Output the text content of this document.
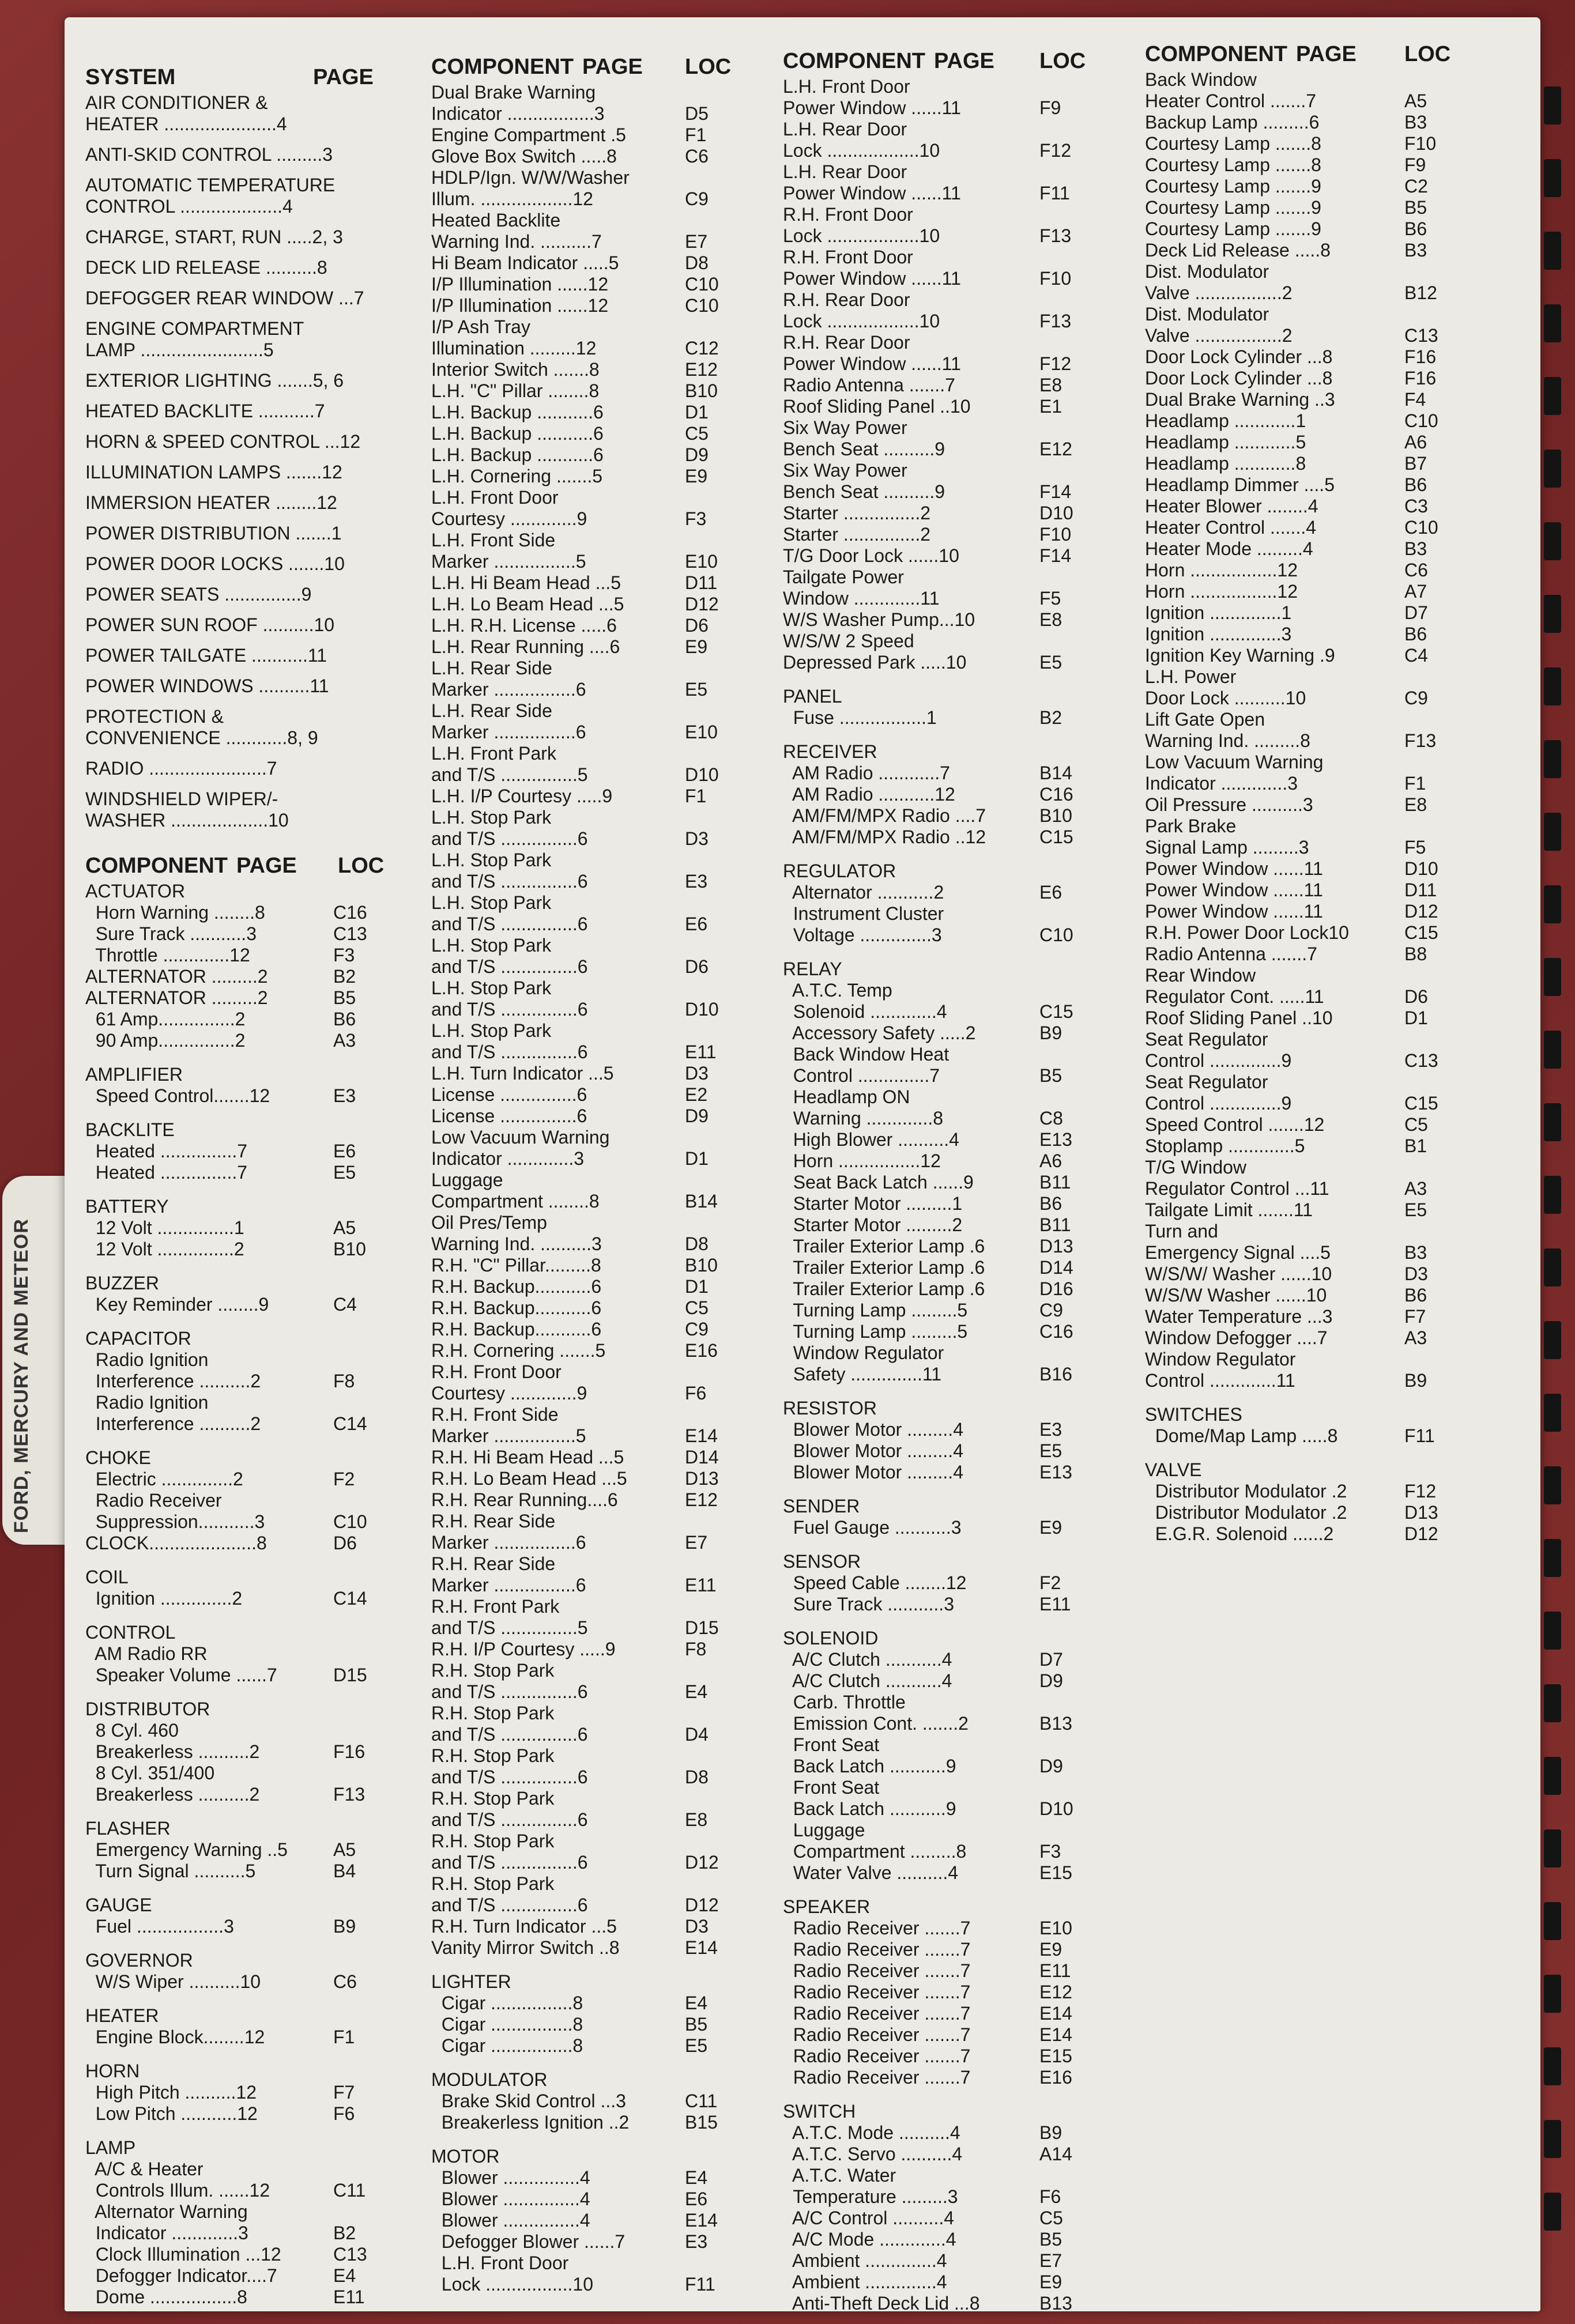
FORD, MERCURY AND METEOR
SYSTEM	PAGE
AIR CONDITIONER &
HEATER ......................4
ANTI-SKID CONTROL .........3
AUTOMATIC TEMPERATURE
CONTROL ....................4
CHARGE, START, RUN .....2, 3
DECK LID RELEASE ..........8
DEFOGGER REAR WINDOW ...7
ENGINE COMPARTMENT
LAMP ........................5
EXTERIOR LIGHTING .......5, 6
HEATED BACKLITE ...........7
HORN & SPEED CONTROL ...12
ILLUMINATION LAMPS .......12
IMMERSION HEATER ........12
POWER DISTRIBUTION .......1
POWER DOOR LOCKS .......10
POWER SEATS ...............9
POWER SUN ROOF ..........10
POWER TAILGATE ...........11
POWER WINDOWS ..........11
PROTECTION &
CONVENIENCE ............8, 9
RADIO .......................7
WINDSHIELD WIPER/-
WASHER ...................10
COMPONENT PAGE LOC
ACTUATOR
Horn Warning ........8	C16
Sure Track ...........3	C13
Throttle .............12	F3
ALTERNATOR .........2	B2
ALTERNATOR .........2	B5
61 Amp...............2	B6
90 Amp...............2	A3
AMPLIFIER
Speed Control.......12	E3
BACKLITE
Heated ...............7	E6
Heated ...............7	E5
BATTERY
12 Volt ...............1	A5
12 Volt ...............2	B10
BUZZER
Key Reminder ........9	C4
CAPACITOR
Radio Ignition
Interference ..........2	F8
Radio Ignition
Interference ..........2	C14
CHOKE
Electric ..............2	F2
Radio Receiver
Suppression...........3	C10
CLOCK.....................8	D6
COIL
Ignition ..............2	C14
CONTROL
AM Radio RR
Speaker Volume ......7	D15
DISTRIBUTOR
8 Cyl. 460
Breakerless ..........2	F16
8 Cyl. 351/400
Breakerless ..........2	F13
FLASHER
Emergency Warning ..5 A5
Turn Signal ..........5	B4
GAUGE
Fuel .................3	B9
GOVERNOR
W/S Wiper ..........10	C6
HEATER
Engine Block........12	F1
HORN
High Pitch ..........12	F7
Low Pitch ...........12	F6
LAMP
A/C & Heater
Controls Illum. ......12	C11
Alternator Warning
Indicator .............3	B2
Clock Illumination ...12	C13
Defogger Indicator....7	E4
Dome .................8	E11
COMPONENT PAGE LOC
Dual Brake Warning
Indicator .................3	D5
Engine Compartment .5	F1
Glove Box Switch .....8	C6
HDLP/Ign. W/W/Washer
Illum. ..................12	C9
Heated Backlite
Warning Ind. ..........7	E7
Hi Beam Indicator .....5	D8
I/P Illumination ......12	C10
I/P Illumination ......12	C10
I/P Ash Tray
Illumination .........12	C12
Interior Switch .......8	E12
L.H. "C" Pillar ........8	B10
L.H. Backup ...........6	D1
L.H. Backup ...........6	C5
L.H. Backup ...........6	D9
L.H. Cornering .......5	E9
L.H. Front Door
Courtesy .............9	F3
L.H. Front Side
Marker ................5	E10
L.H. Hi Beam Head ...5	D11
L.H. Lo Beam Head ...5	D12
L.H. R.H. License .....6	D6
L.H. Rear Running ....6	E9
L.H. Rear Side
Marker ................6	E5
L.H. Rear Side
Marker ................6	E10
L.H. Front Park
and T/S ...............5	D10
L.H. I/P Courtesy .....9	F1
L.H. Stop Park
and T/S ...............6	D3
L.H. Stop Park
and T/S ...............6	E3
L.H. Stop Park
and T/S ...............6	E6
L.H. Stop Park
and T/S ...............6	D6
L.H. Stop Park
and T/S ...............6	D10
L.H. Stop Park
and T/S ...............6	E11
L.H. Turn Indicator ...5	D3
License ...............6	E2
License ...............6	D9
Low Vacuum Warning
Indicator .............3	D1
Luggage
Compartment ........8	B14
Oil Pres/Temp
Warning Ind. ..........3	D8
R.H. "C" Pillar.........8	B10
R.H. Backup...........6	D1
R.H. Backup...........6	C5
R.H. Backup...........6	C9
R.H. Cornering .......5	E16
R.H. Front Door
Courtesy .............9	F6
R.H. Front Side
Marker ................5	E14
R.H. Hi Beam Head ...5	D14
R.H. Lo Beam Head ...5	D13
R.H. Rear Running....6	E12
R.H. Rear Side
Marker ................6	E7
R.H. Rear Side
Marker ................6	E11
R.H. Front Park
and T/S ...............5	D15
R.H. I/P Courtesy .....9	F8
R.H. Stop Park
and T/S ...............6	E4
R.H. Stop Park
and T/S ...............6	D4
R.H. Stop Park
and T/S ...............6	D8
R.H. Stop Park
and T/S ...............6	E8
R.H. Stop Park
and T/S ...............6	D12
R.H. Stop Park
and T/S ...............6	D12
R.H. Turn Indicator ...5	D3
Vanity Mirror Switch ..8	E14
LIGHTER
Cigar ................8	E4
Cigar ................8	B5
Cigar ................8	E5
MODULATOR
Brake Skid Control ...3	C11
Breakerless Ignition ..2	B15
MOTOR
Blower ...............4	E4
Blower ...............4	E6
Blower ...............4	E14
Defogger Blower ......7	E3
L.H. Front Door
Lock .................10	F11
COMPONENT PAGE LOC
L.H. Front Door
Power Window ......11	F9
L.H. Rear Door
Lock ..................10	F12
L.H. Rear Door
Power Window ......11	F11
R.H. Front Door
Lock ..................10	F13
R.H. Front Door
Power Window ......11	F10
R.H. Rear Door
Lock ..................10	F13
R.H. Rear Door
Power Window ......11	F12
Radio Antenna .......7	E8
Roof Sliding Panel ..10	E1
Six Way Power
Bench Seat ..........9	E12
Six Way Power
Bench Seat ..........9	F14
Starter ...............2	D10
Starter ...............2	F10
T/G Door Lock ......10	F14
Tailgate Power
Window .............11	F5
W/S Washer Pump...10	E8
W/S/W 2 Speed
Depressed Park .....10	E5
PANEL
Fuse .................1	B2
RECEIVER
AM Radio ............7	B14
AM Radio ...........12	C16
AM/FM/MPX Radio ....7	B10
AM/FM/MPX Radio ..12	C15
REGULATOR
Alternator ...........2	E6
Instrument Cluster
Voltage ..............3	C10
RELAY
A.T.C. Temp
Solenoid .............4	C15
Accessory Safety .....2	B9
Back Window Heat
Control ..............7	B5
Headlamp ON
Warning .............8	C8
High Blower ..........4	E13
Horn ................12	A6
Seat Back Latch ......9	B11
Starter Motor .........1	B6
Starter Motor .........2	B11
Trailer Exterior Lamp .6	D13
Trailer Exterior Lamp .6	D14
Trailer Exterior Lamp .6	D16
Turning Lamp .........5	C9
Turning Lamp .........5	C16
Window Regulator
Safety ..............11	B16
RESISTOR
Blower Motor .........4	E3
Blower Motor .........4	E5
Blower Motor .........4	E13
SENDER
Fuel Gauge ...........3	E9
SENSOR
Speed Cable ........12	F2
Sure Track ...........3	E11
SOLENOID
A/C Clutch ...........4	D7
A/C Clutch ...........4	D9
Carb. Throttle
Emission Cont. .......2	B13
Front Seat
Back Latch ...........9	D9
Front Seat
Back Latch ...........9	D10
Luggage
Compartment .........8	F3
Water Valve ..........4	E15
SPEAKER
Radio Receiver .......7	E10
Radio Receiver .......7	E9
Radio Receiver .......7	E11
Radio Receiver .......7	E12
Radio Receiver .......7	E14
Radio Receiver .......7	E14
Radio Receiver .......7	E15
Radio Receiver .......7	E16
SWITCH
A.T.C. Mode ..........4	B9
A.T.C. Servo ..........4	A14
A.T.C. Water
Temperature .........3	F6
A/C Control ..........4	C5
A/C Mode .............4	B5
Ambient ..............4	E7
Ambient ..............4	E9
Anti-Theft Deck Lid ...8	B13
COMPONENT PAGE LOC
Back Window
Heater Control .......7	A5
Backup Lamp .........6	B3
Courtesy Lamp .......8	F10
Courtesy Lamp .......8	F9
Courtesy Lamp .......9	C2
Courtesy Lamp .......9	B5
Courtesy Lamp .......9	B6
Deck Lid Release .....8	B3
Dist. Modulator
Valve .................2	B12
Dist. Modulator
Valve .................2	C13
Door Lock Cylinder ...8	F16
Door Lock Cylinder ...8	F16
Dual Brake Warning ..3	F4
Headlamp ............1	C10
Headlamp ............5	A6
Headlamp ............8	B7
Headlamp Dimmer ....5	B6
Heater Blower ........4	C3
Heater Control .......4	C10
Heater Mode .........4	B3
Horn .................12	C6
Horn .................12	A7
Ignition ..............1	D7
Ignition ..............3	B6
Ignition Key Warning .9	C4
L.H. Power
Door Lock ..........10	C9
Lift Gate Open
Warning Ind. .........8	F13
Low Vacuum Warning
Indicator .............3	F1
Oil Pressure ..........3	E8
Park Brake
Signal Lamp .........3	F5
Power Window ......11	D10
Power Window ......11	D11
Power Window ......11	D12
R.H. Power Door Lock10	C15
Radio Antenna .......7	B8
Rear Window
Regulator Cont. .....11	D6
Roof Sliding Panel ..10	D1
Seat Regulator
Control ..............9	C13
Seat Regulator
Control ..............9	C15
Speed Control .......12	C5
Stoplamp .............5	B1
T/G Window
Regulator Control ...11	A3
Tailgate Limit .......11	E5
Turn and
Emergency Signal ....5	B3
W/S/W/ Washer ......10	D3
W/S/W Washer ......10	B6
Water Temperature ...3	F7
Window Defogger ....7	A3
Window Regulator
Control .............11	B9
SWITCHES
Dome/Map Lamp .....8	F11
VALVE
Distributor Modulator .2	F12
Distributor Modulator .2	D13
E.G.R. Solenoid ......2	D12
